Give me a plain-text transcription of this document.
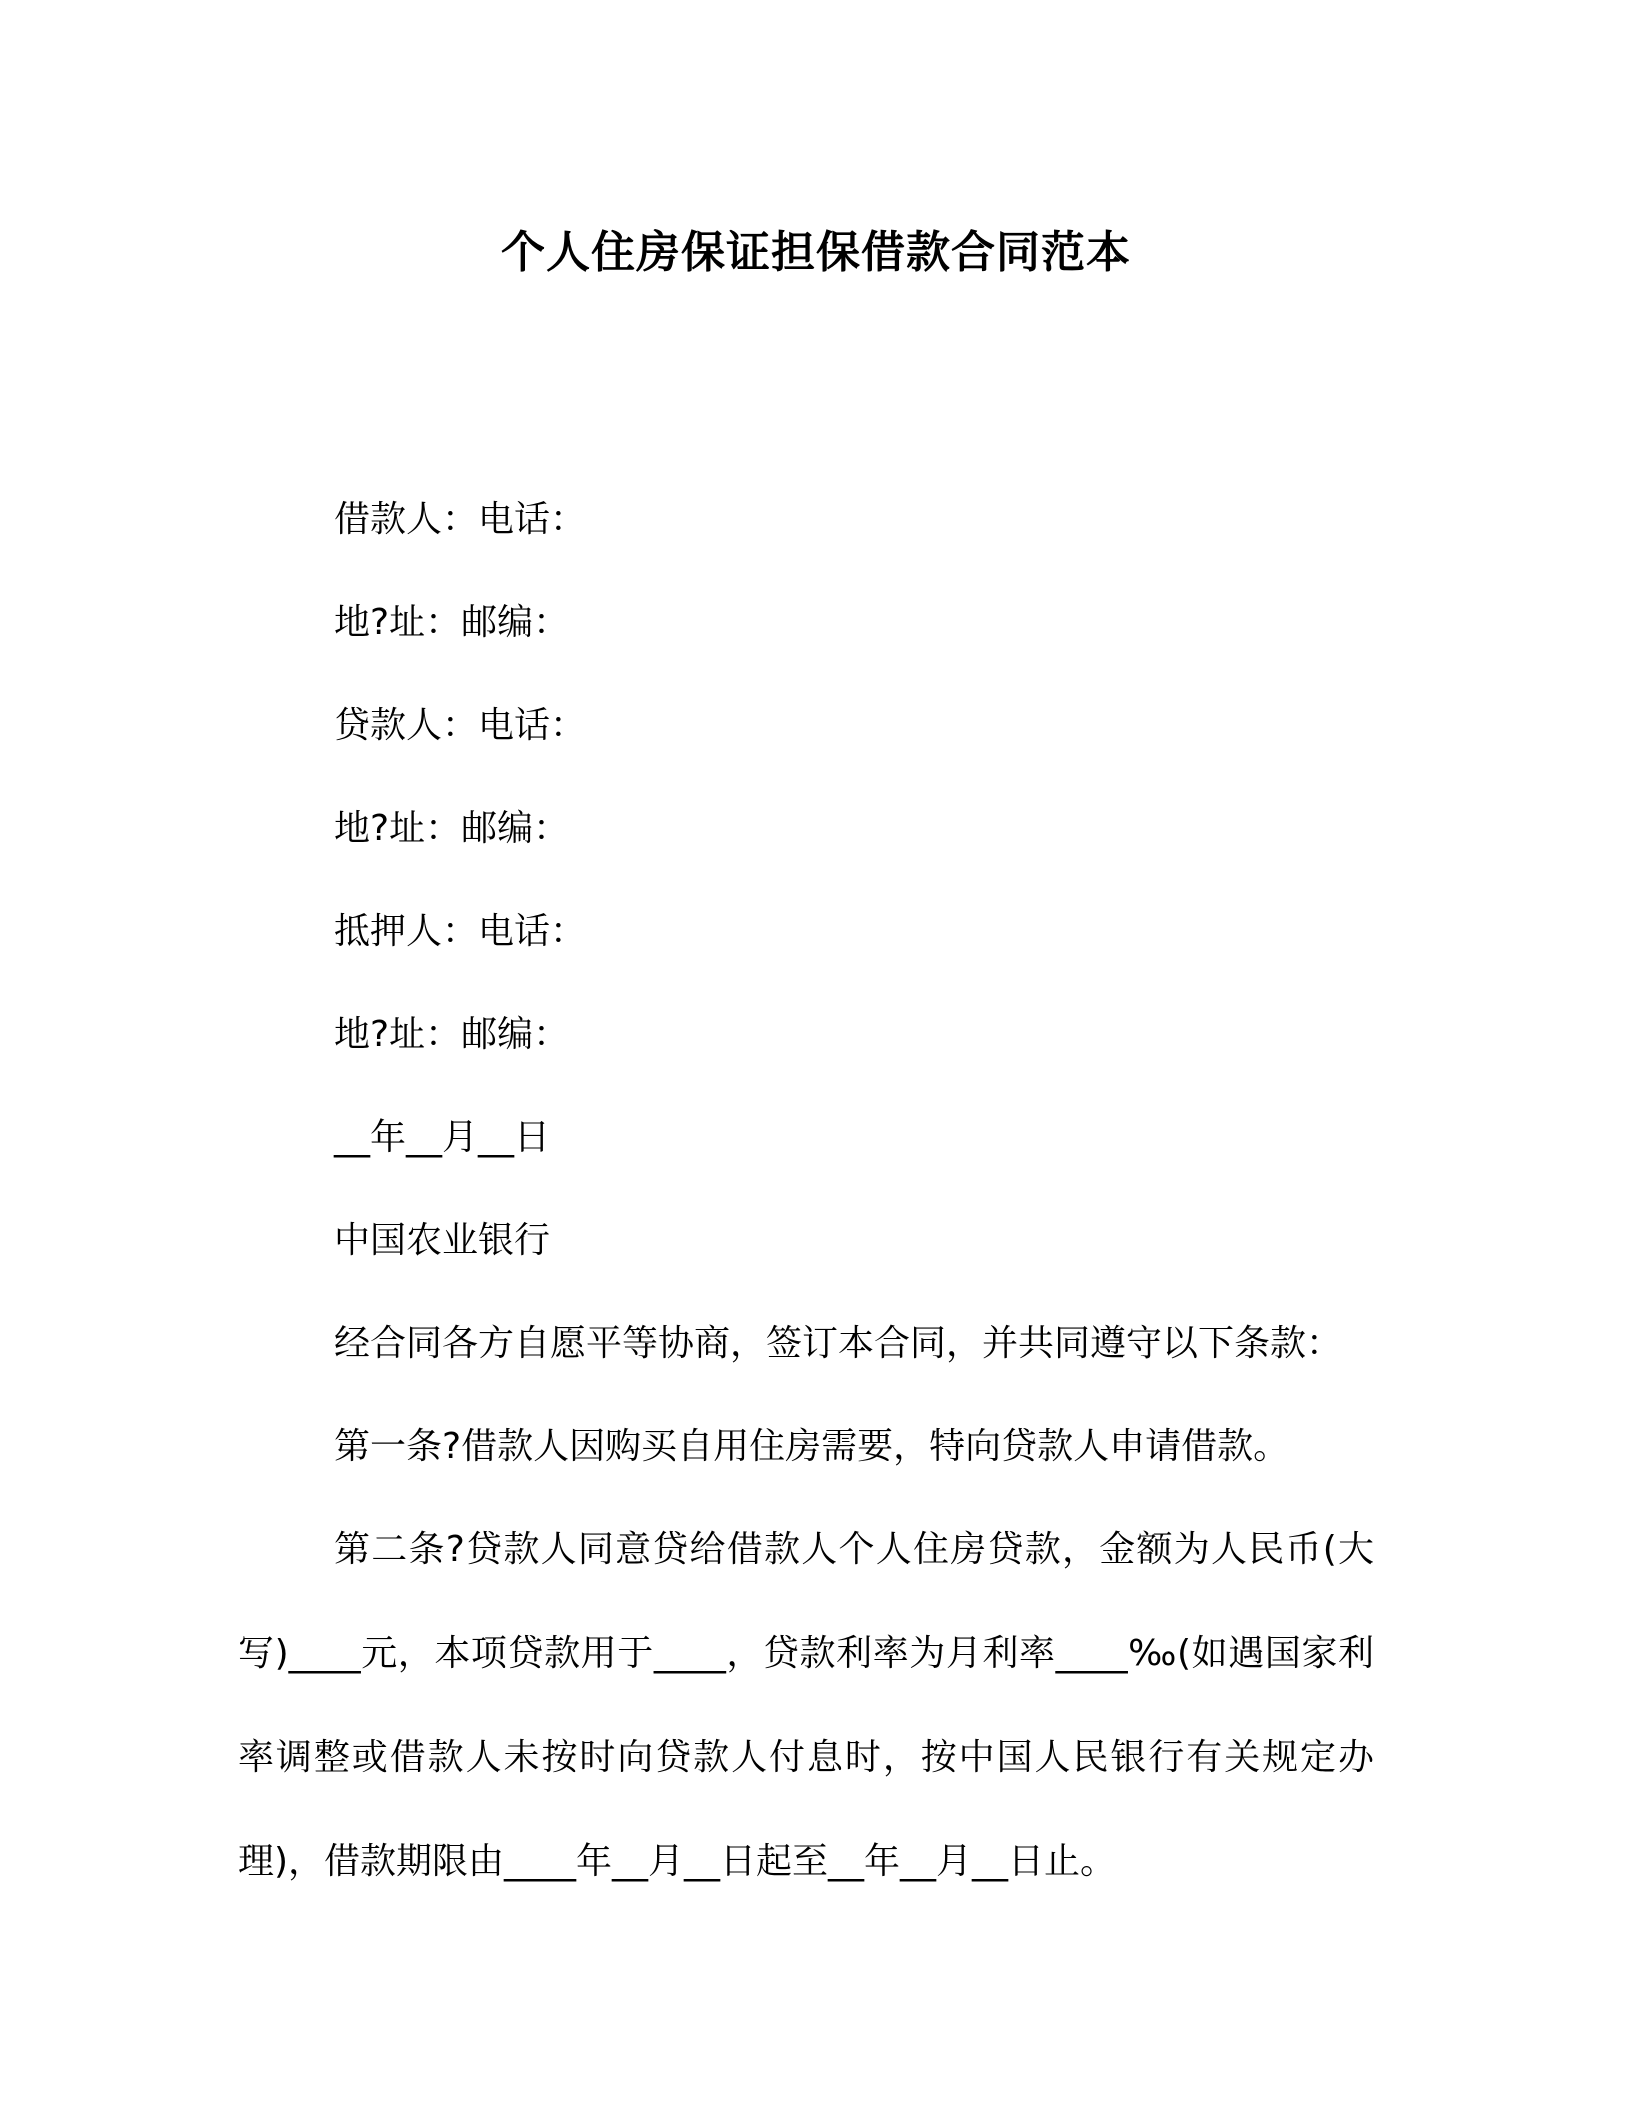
个人住房保证担保借款合同范本
借款人：电话：
地?址：邮编：
贷款人：电话：
地?址：邮编：
抵押人：电话：
地?址：邮编：
__年__月__日
中国农业银行
经合同各方自愿平等协商，签订本合同，并共同遵守以下条款：
第一条?借款人因购买自用住房需要，特向贷款人申请借款。
第二条?贷款人同意贷给借款人个人住房贷款，金额为人民币(大写)____元，本项贷款用于____，贷款利率为月利率____‰(如遇国家利率调整或借款人未按时向贷款人付息时，按中国人民银行有关规定办理)，借款期限由____年__月__日起至__年__月__日止。
